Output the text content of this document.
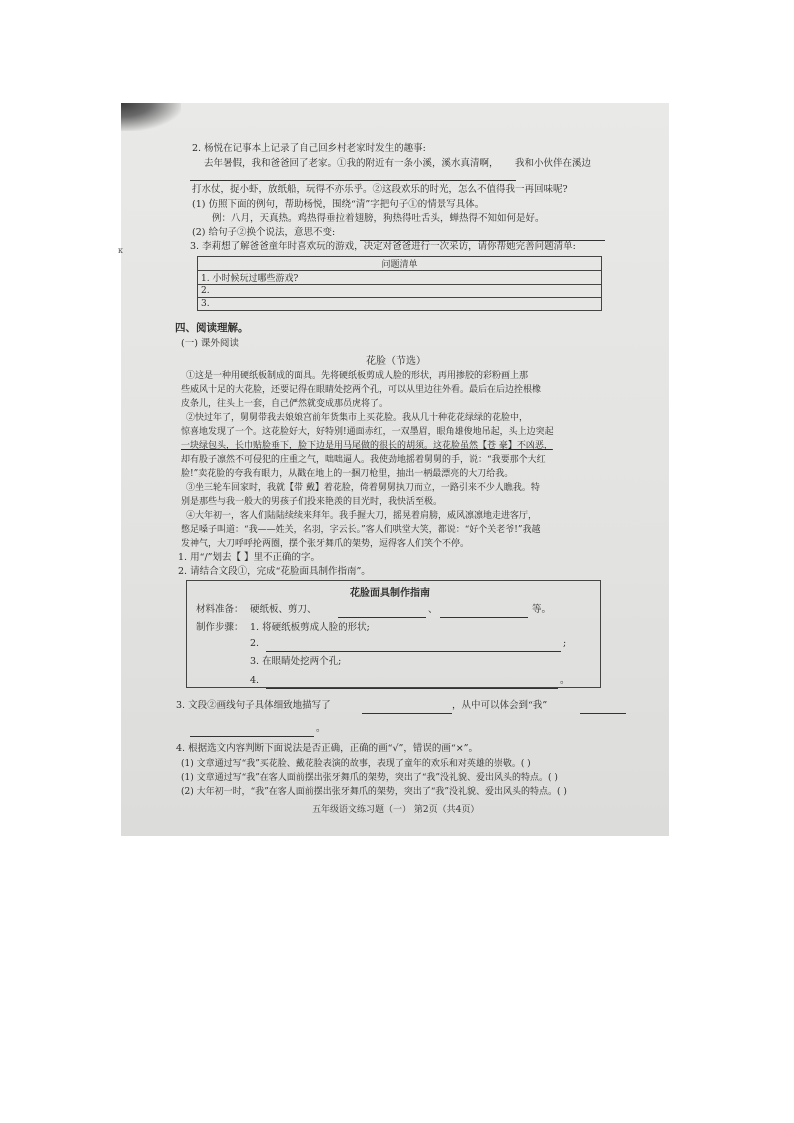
κ
2. 杨悦在记事本上记录了自己回乡村老家时发生的趣事:
去年暑假，我和爸爸回了老家。①我的附近有一条小溪，溪水真清啊， 我和小伙伴在溪边
打水仗，捉小虾，放纸船，玩得不亦乐乎。②这段欢乐的时光，怎么不值得我一再回味呢?
(1) 仿照下面的例句，帮助杨悦，围绕“清”字把句子①的情景写具体。
例：八月，天真热。鸡热得垂拉着翅膀，狗热得吐舌头，蝉热得不知如何是好。
(2) 给句子②换个说法，意思不变:
3. 李莉想了解爸爸童年时喜欢玩的游戏，决定对爸爸进行一次采访，请你帮她完善问题清单:
问题清单
1. 小时候玩过哪些游戏?
2.
3.
四、阅读理解。
(一) 课外阅读
花脸（节选）
①这是一种用硬纸板制成的面具。先将硬纸板剪成人脸的形状，再用掺胶的彩粉画上那
些威风十足的大花脸，还要记得在眼睛处挖两个孔，可以从里边往外看。最后在后边拴根橡
皮条儿，往头上一套，自己俨然就变成那员虎将了。
②快过年了，舅舅带我去娘娘宫前年货集市上买花脸。我从几十种花花绿绿的花脸中，
惊喜地发现了一个。这花脸好大，好特别!通面赤红，一双墨眉，眼角雄俊地吊起，头上边突起
一块绿包头，长巾贴脸垂下，脸下边是用马尾做的很长的胡须。这花脸虽然【苍 豪】不凶恶，
却有股子凛然不可侵犯的庄重之气，咄咄逼人。我使劲地摇着舅舅的手，说：“我要那个大红
脸!”卖花脸的夸我有眼力，从戳在地上的一捆刀枪里，抽出一柄最漂亮的大刀给我。
③坐三轮车回家时，我就【带 戴】着花脸，倚着舅舅执刀而立，一路引来不少人瞧我。特
别是那些与我一般大的男孩子们投来艳羡的目光时，我快活至极。
④大年初一，客人们陆陆续续来拜年。我手握大刀，摇晃着肩膀，威风凛凛地走进客厅，
憋足嗓子叫道：“我——姓关，名羽，字云长。”客人们哄堂大笑，都说：“好个关老爷!”我越
发神气，大刀呼呼抡两圈，摆个张牙舞爪的架势，逗得客人们笑个不停。
1. 用“/”划去【 】里不正确的字。
2. 请结合文段①，完成“花脸面具制作指南”。
花脸面具制作指南
材料准备： 硬纸板、剪刀、	、	等。
制作步骤： 1. 将硬纸板剪成人脸的形状;
2.	;
3. 在眼睛处挖两个孔;
4.	。
3. 文段②画线句子具体细致地描写了	，从中可以体会到“我”
。
4. 根据选文内容判断下面说法是否正确，正确的画“√”，错误的画“×”。
(1) 文章通过写“我”买花脸、戴花脸表演的故事，表现了童年的欢乐和对英雄的崇敬。( )
(1) 文章通过写“我”在客人面前摆出张牙舞爪的架势，突出了“我”没礼貌、爱出风头的特点。( )
(2) 大年初一时，“我”在客人面前摆出张牙舞爪的架势，突出了“我”没礼貌、爱出风头的特点。( )
五年级语文练习题（一） 第2页（共4页）
